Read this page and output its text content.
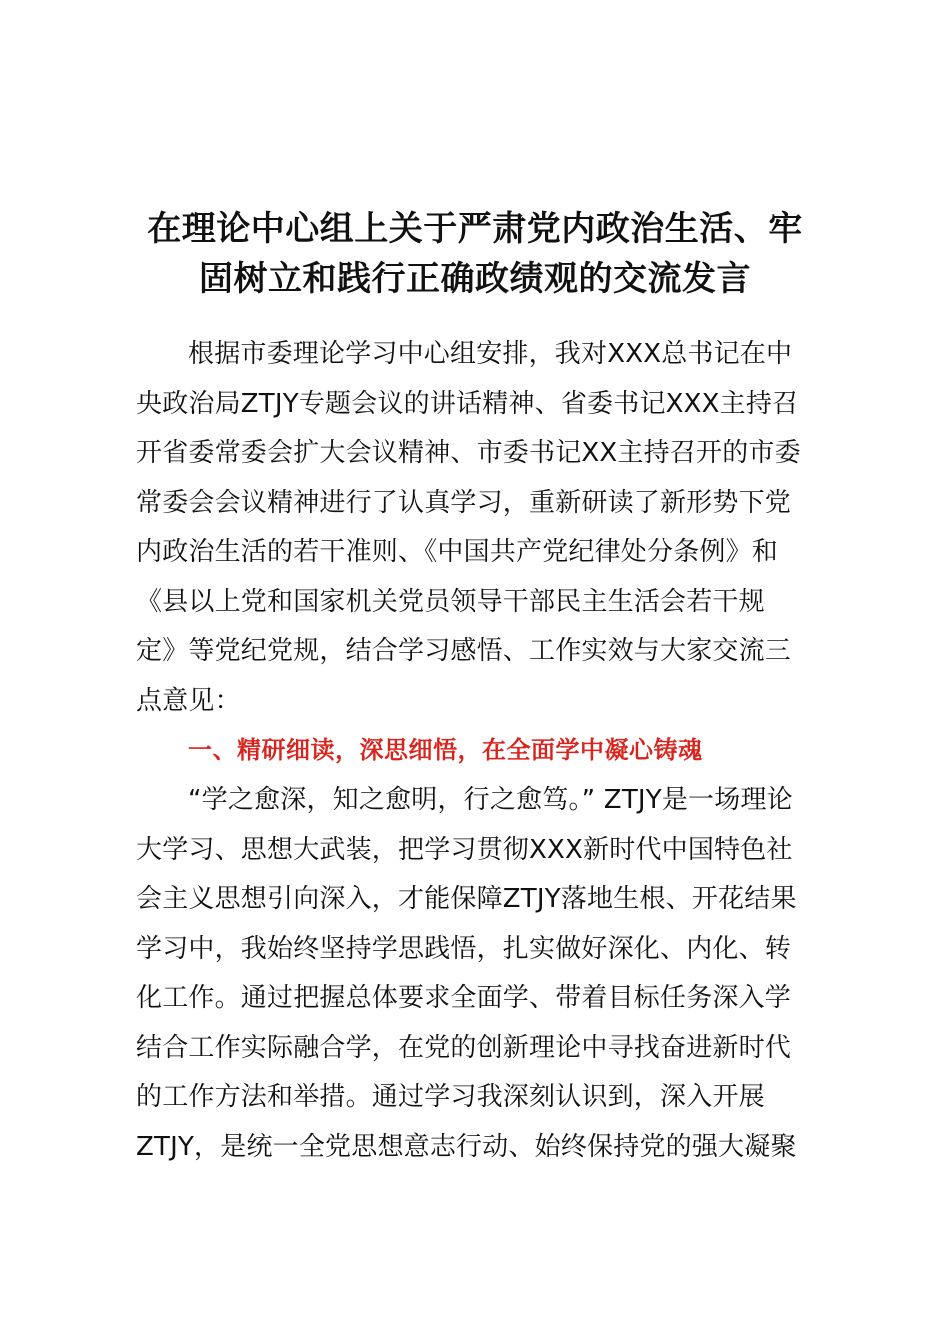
在理论中心组上关于严肃党内政治生活、牢
固树立和践行正确政绩观的交流发言
根据市委理论学习中心组安排，我对XXX总书记在中
央政治局ZTJY专题会议的讲话精神、省委书记XXX主持召
开省委常委会扩大会议精神、市委书记XX主持召开的市委
常委会会议精神进行了认真学习，重新研读了新形势下党
内政治生活的若干准则、《中国共产党纪律处分条例》和
《县以上党和国家机关党员领导干部民主生活会若干规
定》等党纪党规，结合学习感悟、工作实效与大家交流三
点意见：
一、精研细读，深思细悟，在全面学中凝心铸魂
“学之愈深，知之愈明，行之愈笃。” ZTJY是一场理论
大学习、思想大武装，把学习贯彻XXX新时代中国特色社
会主义思想引向深入，才能保障ZTJY落地生根、开花结果
学习中，我始终坚持学思践悟，扎实做好深化、内化、转
化工作。通过把握总体要求全面学、带着目标任务深入学
结合工作实际融合学，在党的创新理论中寻找奋进新时代
的工作方法和举措。通过学习我深刻认识到，深入开展
ZTJY，是统一全党思想意志行动、始终保持党的强大凝聚
